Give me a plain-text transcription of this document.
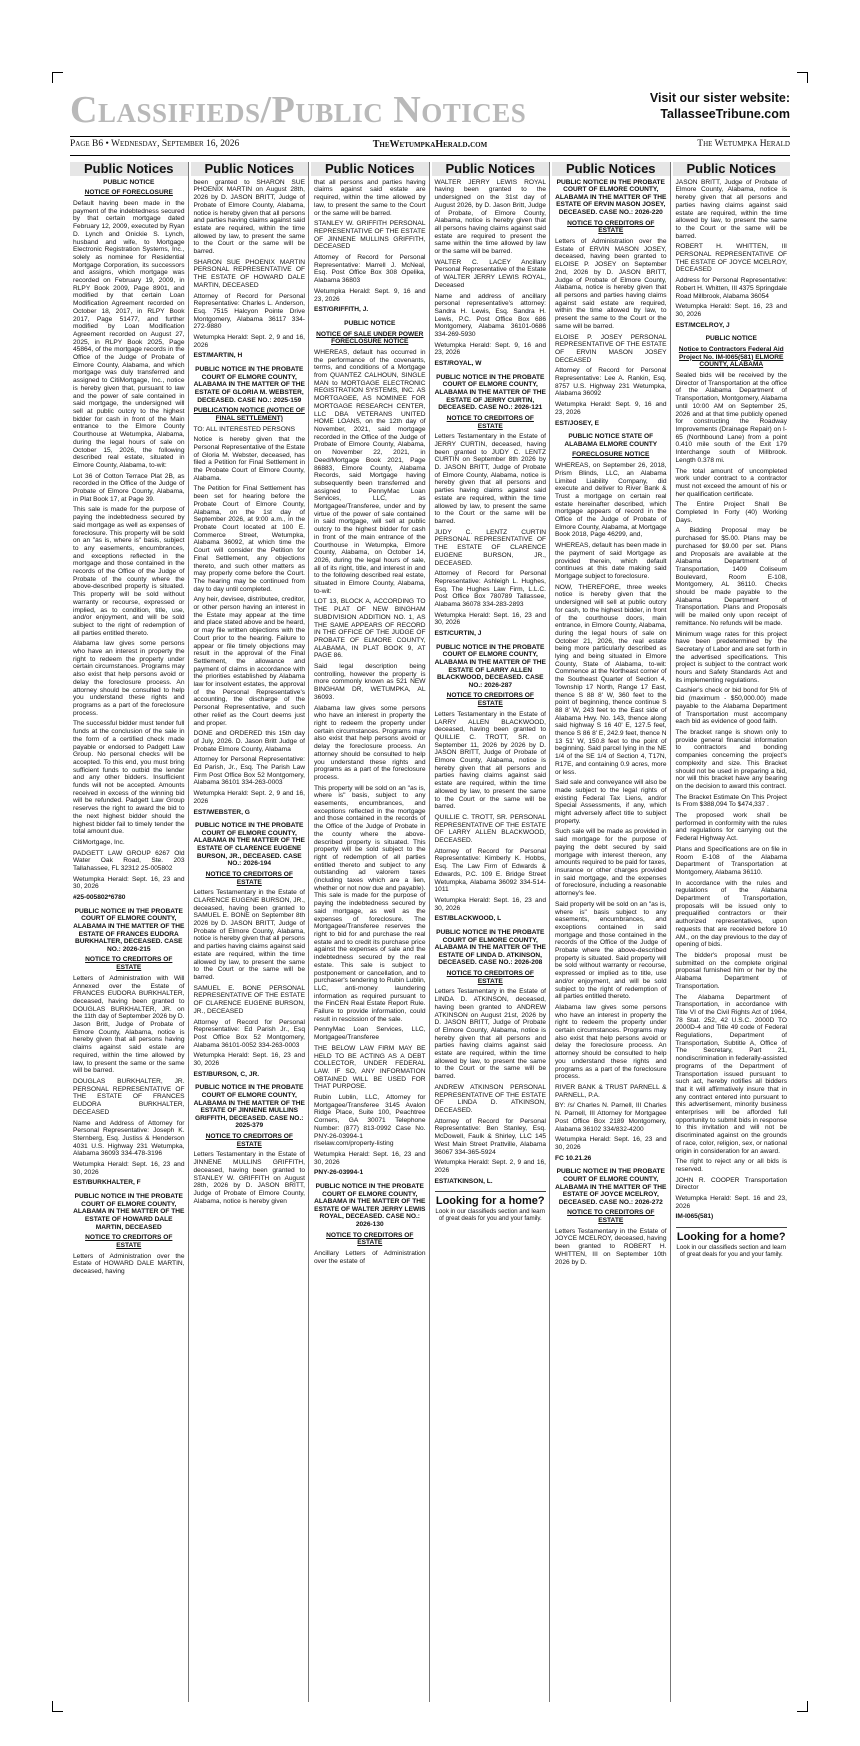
Classifieds/Public Notices	Visit our sister website:
TallasseeTribune.com
Page B6 • Wednesday, September 16, 2026	TheWetumpkaHerald.com	The Wetumpka Herald
Public Notices
PUBLIC NOTICE
NOTICE OF FORECLOSURE

Default having been made in the payment of the indebtedness secured by that certain mortgage dated February 12, 2009, executed by Ryan D. Lynch and Onickie S. Lynch, husband and wife, to Mortgage Electronic Registration Systems, Inc., solely as nominee for Residential Mortgage Corporation, its successors and assigns, which mortgage was recorded on February 19, 2009, in RLPY Book 2009, Page 8901, and modified by that certain Loan Modification Agreement recorded on October 18, 2017, in RLPY Book 2017, Page 51477, and further modified by Loan Modification Agreement recorded on August 27, 2025, in RLPY Book 2025, Page 45864, of the mortgage records in the Office of the Judge of Probate of Elmore County, Alabama, and which mortgage was duly transferred and assigned to CitiMortgage, Inc., notice is hereby given that, pursuant to law and the power of sale contained in said mortgage, the undersigned will sell at public outcry to the highest bidder for cash in front of the Main entrance to the Elmore County Courthouse at Wetumpka, Alabama, during the legal hours of sale on October 15, 2026, the following described real estate, situated in Elmore County, Alabama, to-wit:

Lot 36 of Cotton Terrace Plat 2B, as recorded in the Office of the Judge of Probate of Elmore County, Alabama, in Plat Book 17, at Page 39.

This sale is made for the purpose of paying the indebtedness secured by said mortgage as well as expenses of foreclosure. This property will be sold on an "as is, where is" basis, subject to any easements, encumbrances, and exceptions reflected in the mortgage and those contained in the records of the Office of the Judge of Probate of the county where the above-described property is situated. This property will be sold without warranty or recourse, expressed or implied, as to condition, title, use, and/or enjoyment, and will be sold subject to the right of redemption of all parties entitled thereto.

Alabama law gives some persons who have an interest in property the right to redeem the property under certain circumstances. Programs may also exist that help persons avoid or delay the foreclosure process. An attorney should be consulted to help you understand these rights and programs as a part of the foreclosure process.

The successful bidder must tender full funds at the conclusion of the sale in the form of a certified check made payable or endorsed to Padgett Law Group. No personal checks will be accepted. To this end, you must bring sufficient funds to outbid the lender and any other bidders. Insufficient funds will not be accepted. Amounts received in excess of the winning bid will be refunded. Padgett Law Group reserves the right to award the bid to the next highest bidder should the highest bidder fail to timely tender the total amount due.

CitiMortgage, Inc.

PADGETT LAW GROUP 6267 Old Water Oak Road, Ste. 203 Tallahassee, FL 32312 25-005802

Wetumpka Herald: Sept. 16, 23 and 30, 2026

#25-005802*6780
PUBLIC NOTICE IN THE PROBATE COURT OF ELMORE COUNTY, ALABAMA IN THE MATTER OF THE ESTATE OF FRANCES EUDORA BURKHALTER, DECEASED. CASE NO.: 2026-215
NOTICE TO CREDITORS OF ESTATE

Letters of Administration with Will Annexed over the Estate of FRANCES EUDORA BURKHALTER, deceased, having been granted to DOUGLAS BURKHALTER, JR. on the 11th day of September 2026 by D. Jason Britt, Judge of Probate of Elmore County, Alabama, notice is hereby given that all persons having claims against said estate are required, within the time allowed by law, to present the same or the same will be barred.

DOUGLAS BURKHALTER, JR. PERSONAL REPRESENTATIVE OF THE ESTATE OF FRANCES EUDORA BURKHALTER, DECEASED

Name and Address of Attorney for Personal Representative: Joseph K. Sternberg, Esq. Justiss & Henderson 4031 U.S. Highway 231 Wetumpka, Alabama 36093 334-478-3196

Wetumpka Herald: Sept. 16, 23 and 30, 2026

EST/BURKHALTER, F
PUBLIC NOTICE IN THE PROBATE COURT OF ELMORE COUNTY, ALABAMA IN THE MATTER OF THE ESTATE OF HOWARD DALE MARTIN, DECEASED
NOTICE TO CREDITORS OF ESTATE

Letters of Administration over the Estate of HOWARD DALE MARTIN, deceased, having

Public Notices

been granted to SHARON SUE PHOENIX MARTIN on August 28th, 2026 by D. JASON BRITT, Judge of Probate of Elmore County, Alabama, notice is hereby given that all persons and parties having claims against said estate are required, within the time allowed by law, to present the same to the Court or the same will be barred.

SHARON SUE PHOENIX MARTIN PERSONAL REPRESENTATIVE OF THE ESTATE OF HOWARD DALE MARTIN, DECEASED

Attorney of Record for Personal Representative: Charles L. Anderson, Esq. 7515 Halcyon Pointe Drive Montgomery, Alabama 36117 334-272-9880

Wetumpka Herald: Sept. 2, 9 and 16, 2026

EST/MARTIN, H
PUBLIC NOTICE IN THE PROBATE COURT OF ELMORE COUNTY, ALABAMA IN THE MATTER OF THE ESTATE OF GLORIA M. WEBSTER, DECEASED. CASE NO.: 2025-159
PUBLICATION NOTICE (NOTICE OF FINAL SETTLEMENT)

TO: ALL INTERESTED PERSONS

Notice is hereby given that the Personal Representative of the Estate of Gloria M. Webster, deceased, has filed a Petition for Final Settlement in the Probate Court of Elmore County, Alabama.

The Petition for Final Settlement has been set for hearing before the Probate Court of Elmore County, Alabama, on the 1st day of September 2026, at 9:00 a.m., in the Probate Court located at 100 E. Commerce Street, Wetumpka, Alabama 36092, at which time the Court will consider the Petition for Final Settlement, any objections thereto, and such other matters as may properly come before the Court. The hearing may be continued from day to day until completed.

Any heir, devisee, distributee, creditor, or other person having an interest in the Estate may appear at the time and place stated above and be heard, or may file written objections with the Court prior to the hearing. Failure to appear or file timely objections may result in the approval of the Final Settlement, the allowance and payment of claims in accordance with the priorities established by Alabama law for insolvent estates, the approval of the Personal Representative's accounting, the discharge of the Personal Representative, and such other relief as the Court deems just and proper.

DONE and ORDERED this 15th day of July, 2026. D. Jason Britt Judge of Probate Elmore County, Alabama

Attorney for Personal Representative: Ed Parish, Jr., Esq. The Parish Law Firm Post Office Box 52 Montgomery, Alabama 36101 334-263-0003

Wetumpka Herald: Sept. 2, 9 and 16, 2026

EST/WEBSTER, G
PUBLIC NOTICE IN THE PROBATE COURT OF ELMORE COUNTY, ALABAMA IN THE MATTER OF THE ESTATE OF CLARENCE EUGENE BURSON, JR., DECEASED. CASE NO.: 2026-194
NOTICE TO CREDITORS OF ESTATE

Letters Testamentary in the Estate of CLARENCE EUGENE BURSON, JR., deceased, having been granted to SAMUEL E. BONE on September 8th 2026 by D. JASON BRITT, Judge of Probate of Elmore County, Alabama, notice is hereby given that all persons and parties having claims against said estate are required, within the time allowed by law, to present the same to the Court or the same will be barred.

SAMUEL E. BONE PERSONAL REPRESENTATIVE OF THE ESTATE OF CLARENCE EUGENE BURSON, JR., DECEASED

Attorney of Record for Personal Representative: Ed Parish Jr., Esq Post Office Box 52 Montgomery, Alabama 36101-0052 334-263-0003

Wetumpka Herald: Sept. 16, 23 and 30, 2026

EST/BURSON, C, JR.
PUBLIC NOTICE IN THE PROBATE COURT OF ELMORE COUNTY, ALABAMA IN THE MATTER OF THE ESTATE OF JINNENE MULLINS GRIFFITH, DECEASED. CASE NO.: 2025-379
NOTICE TO CREDITORS OF ESTATE

Letters Testamentary in the Estate of JINNENE MULLINS GRIFFITH, deceased, having been granted to STANLEY W. GRIFFITH on August 28th, 2026 by D. JASON BRITT, Judge of Probate of Elmore County, Alabama, notice is hereby given

Public Notices

that all persons and parties having claims against said estate are required, within the time allowed by law, to present the same to the Court or the same will be barred.

STANLEY W. GRIFFITH PERSONAL REPRESENTATIVE OF THE ESTATE OF JINNENE MULLINS GRIFFITH, DECEASED

Attorney of Record for Personal Representative: Marrell J. McNeal, Esq. Post Office Box 308 Opelika, Alabama 36803

Wetumpka Herald: Sept. 9, 16 and 23, 2026

EST/GRIFFITH, J.
PUBLIC NOTICE
NOTICE OF SALE UNDER POWER FORECLOSURE NOTICE

WHEREAS, default has occurred in the performance of the covenants, terms, and conditions of a Mortgage from QUANTEZ CALHOUN, SINGLE MAN to MORTGAGE ELECTRONIC REGISTRATION SYSTEMS, INC. AS MORTGAGEE, AS NOMINEE FOR MORTGAGE RESEARCH CENTER, LLC DBA VETERANS UNITED HOME LOANS, on the 12th day of November, 2021, said mortgage recorded in the Office of the Judge of Probate of Elmore County, Alabama, on November 22, 2021, in Deed/Mortgage Book 2021, Page 86883, Elmore County, Alabama Records, said Mortgage having subsequently been transferred and assigned to PennyMac Loan Services, LLC, as Mortgagee/Transferee, under and by virtue of the power of sale contained in said mortgage, will sell at public outcry to the highest bidder for cash in front of the main entrance of the Courthouse in Wetumpka, Elmore County, Alabama, on October 14, 2026, during the legal hours of sale, all of its right, title, and interest in and to the following described real estate, situated in Elmore County, Alabama, to-wit:

LOT 13, BLOCK A, ACCORDING TO THE PLAT OF NEW BINGHAM SUBDIVISION ADDITION NO. 1, AS THE SAME APPEARS OF RECORD IN THE OFFICE OF THE JUDGE OF PROBATE OF ELMORE COUNTY, ALABAMA, IN PLAT BOOK 9, AT PAGE 86.

Said legal description being controlling, however the property is more commonly known as 521 NEW BINGHAM DR, WETUMPKA, AL 36093.

Alabama law gives some persons who have an interest in property the right to redeem the property under certain circumstances. Programs may also exist that help persons avoid or delay the foreclosure process. An attorney should be consulted to help you understand these rights and programs as a part of the foreclosure process.

This property will be sold on an "as is, where is" basis, subject to any easements, encumbrances, and exceptions reflected in the mortgage and those contained in the records of the Office of the Judge of Probate in the county where the above-described property is situated. This property will be sold subject to the right of redemption of all parties entitled thereto and subject to any outstanding ad valorem taxes (including taxes which are a lien, whether or not now due and payable). This sale is made for the purpose of paying the indebtedness secured by said mortgage, as well as the expenses of foreclosure. The Mortgagee/Transferee reserves the right to bid for and purchase the real estate and to credit its purchase price against the expenses of sale and the indebtedness secured by the real estate. This sale is subject to postponement or cancellation, and to purchaser's tendering to Rubin Lublin, LLC, anti-money laundering information as required pursuant to the FinCEN Real Estate Report Rule. Failure to provide information, could result in rescission of the sale.

PennyMac Loan Services, LLC, Mortgagee/Transferee

THE BELOW LAW FIRM MAY BE HELD TO BE ACTING AS A DEBT COLLECTOR, UNDER FEDERAL LAW. IF SO, ANY INFORMATION OBTAINED WILL BE USED FOR THAT PURPOSE.

Rubin Lublin, LLC, Attorney for Mortgagee/Transferee 3145 Avalon Ridge Place, Suite 100, Peachtree Corners, GA 30071 Telephone Number: (877) 813-0992 Case No. PNY-26-03994-1 rlselaw.com/property-listing

Wetumpka Herald: Sept. 16, 23 and 30, 2026

PNY-26-03994-1
PUBLIC NOTICE IN THE PROBATE COURT OF ELMORE COUNTY, ALABAMA IN THE MATTER OF THE ESTATE OF WALTER JERRY LEWIS ROYAL, DECEASED. CASE NO.: 2026-130
NOTICE TO CREDITORS OF ESTATE

Ancillary Letters of Administration over the estate of

Public Notices

WALTER JERRY LEWIS ROYAL having been granted to the undersigned on the 31st day of August 2026, by D. Jason Britt, Judge of Probate, of Elmore County, Alabama, notice is hereby given that all persons having claims against said estate are required to present the same within the time allowed by law or the same will be barred.

WALTER C. LACEY Ancillary Personal Representative of the Estate of WALTER JERRY LEWIS ROYAL, Deceased

Name and address of ancillary personal representative's attorney: Sandra H. Lewis, Esq. Sandra H. Lewis, P.C. Post Office Box 686 Montgomery, Alabama 36101-0686 334-269-5930

Wetumpka Herald: Sept. 9, 16 and 23, 2026

EST/ROYAL, W
PUBLIC NOTICE IN THE PROBATE COURT OF ELMORE COUNTY, ALABAMA IN THE MATTER OF THE ESTATE OF JERRY CURTIN, DECEASED. CASE NO.: 2026-121
NOTICE TO CREDITORS OF ESTATE

Letters Testamentary in the Estate of JERRY CURTIN, deceased, having been granted to JUDY C. LENTZ CURTIN on September 8th 2026 by D. JASON BRITT, Judge of Probate of Elmore County, Alabama, notice is hereby given that all persons and parties having claims against said estate are required, within the time allowed by law, to present the same to the Court or the same will be barred.

JUDY C. LENTZ CURTIN PERSONAL REPRESENTATIVE OF THE ESTATE OF CLARENCE EUGENE BURSON, JR., DECEASED.

Attorney of Record for Personal Representative: Ashleigh L. Hughes, Esq. The Hughes Law Firm, L.L.C. Post Office Box 780789 Tallassee, Alabama 36078 334-283-2893

Wetumpka Herald: Sept. 16, 23 and 30, 2026

EST/CURTIN, J
PUBLIC NOTICE IN THE PROBATE COURT OF ELMORE COUNTY, ALABAMA IN THE MATTER OF THE ESTATE OF LARRY ALLEN BLACKWOOD, DECEASED. CASE NO.: 2026-287
NOTICE TO CREDITORS OF ESTATE

Letters Testamentary in the Estate of LARRY ALLEN BLACKWOOD, deceased, having been granted to QUILLIE C. TROTT, SR. on September 11, 2026 by 2026 by D. JASON BRITT, Judge of Probate of Elmore County, Alabama, notice is hereby given that all persons and parties having claims against said estate are required, within the time allowed by law, to present the same to the Court or the same will be barred.

QUILLIE C. TROTT, SR. PERSONAL REPRESENTATIVE OF THE ESTATE OF LARRY ALLEN BLACKWOOD, DECEASED.

Attorney of Record for Personal Representative: Kimberly K. Hobbs, Esq. The Law Firm of Edwards & Edwards, P.C. 109 E. Bridge Street Wetumpka, Alabama 36092 334-514-1011

Wetumpka Herald: Sept. 16, 23 and 30, 2026

EST/BLACKWOOD, L
PUBLIC NOTICE IN THE PROBATE COURT OF ELMORE COUNTY, ALABAMA IN THE MATTER OF THE ESTATE OF LINDA D. ATKINSON, DECEASED. CASE NO.: 2026-208
NOTICE TO CREDITORS OF ESTATE

Letters Testamentary in the Estate of LINDA D. ATKINSON, deceased, having been granted to ANDREW ATKINSON on August 21st, 2026 by D. JASON BRITT, Judge of Probate of Elmore County, Alabama, notice is hereby given that all persons and parties having claims against said estate are required, within the time allowed by law, to present the same to the Court or the same will be barred.

ANDREW ATKINSON PERSONAL REPRESENTATIVE OF THE ESTATE OF LINDA D. ATKINSON, DECEASED.

Attorney of Record for Personal Representative: Ben Stanley, Esq. McDowell, Faulk & Shirley, LLC 145 West Main Street Prattville, Alabama 36067 334-365-5924

Wetumpka Herald: Sept. 2, 9 and 16, 2026

EST/ATKINSON, L.
Looking for a home?
Look in our classifieds section and learn of great deals for you and your family.
Public Notices
PUBLIC NOTICE IN THE PROBATE COURT OF ELMORE COUNTY, ALABAMA IN THE MATTER OF THE ESTATE OF ERVIN MASON JOSEY, DECEASED. CASE NO.: 2026-220
NOTICE TO CREDITORS OF ESTATE

Letters of Administration over the Estate of ERVIN MASON JOSEY, deceased, having been granted to ELOISE P. JOSEY on September 2nd, 2026 by D. JASON BRITT, Judge of Probate of Elmore County, Alabama, notice is hereby given that all persons and parties having claims against said estate are required, within the time allowed by law, to present the same to the Court or the same will be barred.

ELOISE P. JOSEY PERSONAL REPRESENTATIVE OF THE ESTATE OF ERVIN MASON JOSEY DECEASED

Attorney of Record for Personal Representative: Lee A. Rankin, Esq. 8757 U.S. Highway 231 Wetumpka, Alabama 36092

Wetumpka Herald: Sept. 9, 16 and 23, 2026

EST/JOSEY, E
PUBLIC NOTICE STATE OF ALABAMA ELMORE COUNTY
FORECLOSURE NOTICE

WHEREAS, on September 26, 2018, Prism Blinds, LLC, an Alabama Limited Liability Company, did execute and deliver to River Bank & Trust a mortgage on certain real estate hereinafter described, which mortgage appears of record in the Office of the Judge of Probate of Elmore County, Alabama, at Mortgage Book 2018, Page 46299, and,

WHEREAS, default has been made in the payment of said Mortgage as provided therein, which default continues at this date making said Mortgage subject to foreclosure.

NOW, THEREFORE, three weeks notice is hereby given that the undersigned will sell at public outcry for cash, to the highest bidder, in front of the courthouse doors, main entrance, in Elmore County, Alabama, during the legal hours of sale on October 21, 2026, the real estate being more particularly described as lying and being situated in Elmore County, State of Alabama, to-wit: Commence at the Northeast corner of the Southeast Quarter of Section 4, Township 17 North, Range 17 East, thence S 88 8' W, 360 feet to the point of beginning, thence continue S 88 8' W, 243 feet to the East side of Alabama Hwy. No. 143, thence along said highway S 16 40' E, 127.5 feet, thence S 86 8' E, 242.9 feet, thence N 13 51' W, 150.8 feet to the point of beginning. Said parcel lying in the NE 1/4 of the SE 1/4 of Section 4, T17N, R17E, and containing 0.9 acres, more or less.

Said sale and conveyance will also be made subject to the legal rights of existing Federal Tax Liens, and/or Special Assessments, if any, which might adversely affect title to subject property.

Such sale will be made as provided in said mortgage for the purpose of paying the debt secured by said mortgage with interest thereon, any amounts required to be paid for taxes, insurance or other charges provided in said mortgage, and the expenses of foreclosure, including a reasonable attorney's fee.

Said property will be sold on an "as is, where is" basis subject to any easements, encumbrances, and exceptions contained in said mortgage and those contained in the records of the Office of the Judge of Probate where the above-described property is situated. Said property will be sold without warranty or recourse, expressed or implied as to title, use and/or enjoyment, and will be sold subject to the right of redemption of all parties entitled thereto.

Alabama law gives some persons who have an interest in property the right to redeem the property under certain circumstances. Programs may also exist that help persons avoid or delay the foreclosure process. An attorney should be consulted to help you understand these rights and programs as a part of the foreclosure process.

RIVER BANK & TRUST PARNELL & PARNELL, P.A.

BY: /s/ Charles N. Parnell, III Charles N. Parnell, III Attorney for Mortgagee Post Office Box 2189 Montgomery, Alabama 36102 334/832-4200

Wetumpka Herald: Sept. 16, 23 and 30, 2026

FC 10.21.26
PUBLIC NOTICE IN THE PROBATE COURT OF ELMORE COUNTY, ALABAMA IN THE MATTER OF THE ESTATE OF JOYCE MCELROY, DECEASED. CASE NO.: 2026-272
NOTICE TO CREDITORS OF ESTATE

Letters Testamentary in the Estate of JOYCE MCELROY, deceased, having been granted to ROBERT H. WHITTEN, III on September 10th 2026 by D.

Public Notices

JASON BRITT, Judge of Probate of Elmore County, Alabama, notice is hereby given that all persons and parties having claims against said estate are required, within the time allowed by law, to present the same to the Court or the same will be barred.

ROBERT H. WHITTEN, III PERSONAL REPRESENTATIVE OF THE ESTATE OF JOYCE MCELROY, DECEASED

Address for Personal Representative: Robert H. Whitten, III 4375 Springdale Road Millbrook, Alabama 36054

Wetumpka Herald: Sept. 16, 23 and 30, 2026

EST/MCELROY, J
PUBLIC NOTICE
Notice to Contractors Federal Aid Project No. IM-I065(581) ELMORE COUNTY, ALABAMA

Sealed bids will be received by the Director of Transportation at the office of the Alabama Department of Transportation, Montgomery, Alabama until 10:00 AM on September 25, 2026 and at that time publicly opened for constructing the Roadway Improvements (Drainage Repair) on I-65 (Northbound Lane) from a point 0.410 mile south of the Exit 179 Interchange south of Millbrook. Length 0.378 mi.

The total amount of uncompleted work under contract to a contractor must not exceed the amount of his or her qualification certificate.

The Entire Project Shall Be Completed In Forty (40) Working Days.

A Bidding Proposal may be purchased for $5.00. Plans may be purchased for $9.00 per set. Plans and Proposals are available at the Alabama Department of Transportation, 1409 Coliseum Boulevard, Room E-108, Montgomery, AL 36110. Checks should be made payable to the Alabama Department of Transportation. Plans and Proposals will be mailed only upon receipt of remittance. No refunds will be made.

Minimum wage rates for this project have been predetermined by the Secretary of Labor and are set forth in the advertised specifications. This project is subject to the contract work hours and Safety Standards Act and its implementing regulations.

Cashier's check or bid bond for 5% of bid (maximum - $50,000.00) made payable to the Alabama Department of Transportation must accompany each bid as evidence of good faith.

The bracket range is shown only to provide general financial information to contractors and bonding companies concerning the project's complexity and size. This Bracket should not be used in preparing a bid, nor will this bracket have any bearing on the decision to award this contract.

The Bracket Estimate On This Project Is From $388,094 To $474,337 .

The proposed work shall be performed in conformity with the rules and regulations for carrying out the Federal Highway Act.

Plans and Specifications are on file in Room E-108 of the Alabama Department of Transportation at Montgomery, Alabama 36110.

In accordance with the rules and regulations of the Alabama Department of Transportation, proposals will be issued only to prequalified contractors or their authorized representatives, upon requests that are received before 10 AM., on the day previous to the day of opening of bids.

The bidder's proposal must be submitted on the complete original proposal furnished him or her by the Alabama Department of Transportation.

The Alabama Department of Transportation, in accordance with Title VI of the Civil Rights Act of 1964, 78 Stat. 252, 42 U.S.C. 2000D TO 2000D-4 and Title 49 code of Federal Regulations, Department of Transportation, Subtitle A, Office of The Secretary, Part 21, nondiscrimination in federally-assisted programs of the Department of Transportation issued pursuant to such act, hereby notifies all bidders that it will affirmatively insure that in any contract entered into pursuant to this advertisement, minority business enterprises will be afforded full opportunity to submit bids in response to this invitation and will not be discriminated against on the grounds of race, color, religion, sex, or national origin in consideration for an award.

The right to reject any or all bids is reserved.

JOHN R. COOPER Transportation Director

Wetumpka Herald: Sept. 16 and 23, 2026

IM-I065(581)
Looking for a home?
Look in our classifieds section and learn of great deals for you and your family.
